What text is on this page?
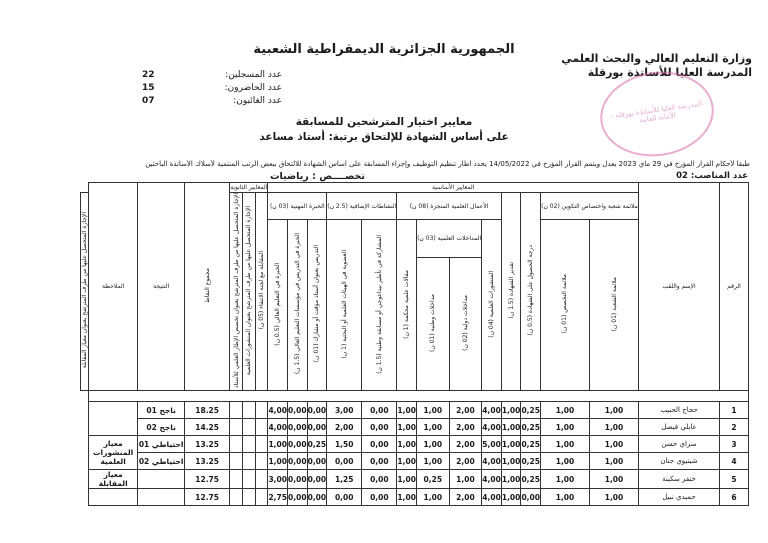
الجمهورية الجزائرية الديمقراطية الشعبية
وزارة التعليم العالي والبحث العلمي
المدرسة العليا للأساتذة بورقلة
المدرسة العليا للأساتذة بورقلة - الأمانة العامة
عدد المسجلين:
22
عدد الحاضرون:
15
عدد الغائبون:
07
معايير اختيار المترشحين للمسابقة
على أساس الشهادة للإلتحاق برتبة: أستاذ مساعد
طبقا لأحكام القرار المؤرخ في 29 ماي 2023 يعدل ويتمم القرار المؤرخ في 14/05/2022 يحدد اطار تنظيم التوظيف وإجراء المسابقة على اساس الشهادة للالتحاق ببعض الرتب المنتمية لأسلاك الأساتذة الباحثين
تخصــــص : رياضيات	عدد المناصب: 02
الرقم	الإسم واللقب	المعايير الأساسية													المعايير الثانوية			مجموع النقاط	النتيجة	الملاحظة	
		ملائمة شعبة واختصاص التكوين (02 ن)		درجة الحصول على الشهادة (0.5 ن)	تقدير الشهادة (1.5 ن)	الأعمال العلمية المنجزة (08 ن)				النشاطات الإضافية (2.5 ن)		الخبرة المهنية (03 ن)			المقابلة مع لجنة الانتقاء (05 ن)	الإجازة المتحصل عليها من طرف المترشح بعنوان المنشورات العلمية	الإجازة المتحصل عليها من طرف المترشح بعنوان تخصص الإطار العلمي للأستاذ				الإجازة المتحصل عليها من طرف المترشح بعنوان معيار المقابلة
		ملائمة الشعبة (01 ن)	ملائمة التخصص (01 ن)			المنشورات العلمية (04 ن)	المداخلات العلمية (03 ن)		مقالات علمية محكمة (1 ن)	المشاركة في تأطير بيداغوجي أو مسابقة وطنية (1.5 ن)	العضوية في الهيئات العلمية أو البحثية (1 ن)	التدريس بعنوان أستاذ مؤقت أو مشارك (01 ن)	الخبرة في التدريس في مؤسسات التعليم العالي (1.5 ن)	الخبرة في التعليم العالي (0.5 ن)							
							مداخلات دولية (02 ن)	مداخلات وطنية (01 ن)													

1	حجاج الحبيب	1,00	1,00	0,25	1,00	4,00	2,00	1,00	1,00	0,00	3,00	0,00	0,00	4,00				18.25	ناجح 01		
2	عابلي فيصل	1,00	1,00	0,25	1,00	4,00	2,00	1,00	1,00	0,00	2,00	0,00	0,00	4,00				14.25	ناجح 02		
3	سراي حسن	1,00	1,00	0,25	1,00	5,00	2,00	1,00	1,00	0,00	1,50	0,25	0,00	1,00				13.25	احتياطي 01	معيار المنشورات العلمية	
4	شيتيوي جنان	1,00	1,00	0,25	1,00	4,00	2,00	1,00	1,00	0,00	0,00	0,00	0,00	1,00				13.25	احتياطي 02		
5	خنفر سكينة	1,00	1,00	0,25	1,00	4,00	1,00	0,25	1,00	0,00	1,25	0,00	0,00	3,00				12.75		معيار المقابلة	
6	حميدي نبيل	1,00	1,00	0,00	1,00	4,00	2,00	1,00	1,00	0,00	0,00	0,00	0,00	2,75				12.75			
